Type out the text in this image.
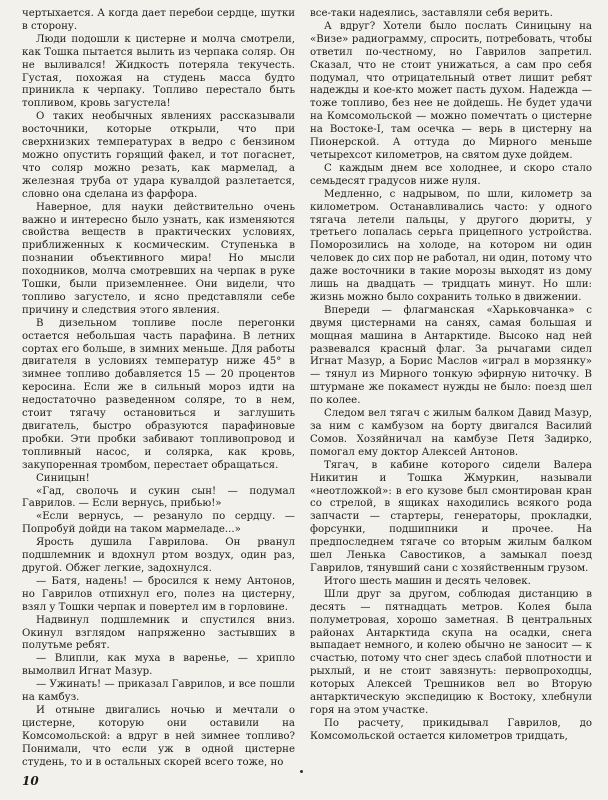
чертыхается. А когда дает перебои сердце, шутки в сторону.

Люди подошли к цистерне и молча смотрели, как Тошка пытается вылить из черпака соляр. Он не выливался! Жидкость потеряла текучесть. Густая, похожая на студень масса будто приникла к черпаку. Топливо перестало быть топливом, кровь загустела!

О таких необычных явлениях рассказывали восточники, которые открыли, что при сверхнизких температурах в ведро с бензином можно опустить горящий факел, и тот погаснет, что соляр можно резать, как мармелад, а железная труба от удара кувалдой разлетается, словно она сделана из фарфора.

Наверное, для науки действительно очень важно и интересно было узнать, как изменяются свойства веществ в практических условиях, приближенных к космическим. Ступенька в познании объективного мира! Но мысли походников, молча смотревших на черпак в руке Тошки, были приземленнее. Они видели, что топливо загустело, и ясно представляли себе причину и следствия этого явления.

В дизельном топливе после перегонки остается небольшая часть парафина. В летних сортах его больше, в зимних меньше. Для работы двигателя в условиях температур ниже 45° в зимнее топливо добавляется 15 — 20 процентов керосина. Если же в сильный мороз идти на недостаточно разведенном соляре, то в нем, стоит тягачу остановиться и заглушить двигатель, быстро образуются парафиновые пробки. Эти пробки забивают топливопровод и топливный насос, и солярка, как кровь, закупоренная тромбом, перестает обращаться.

Синицын!

«Гад, сволочь и сукин сын! — подумал Гаврилов. — Если вернусь, прибью!»

«Если вернусь, — резануло по сердцу. — Попробуй дойди на таком мармеладе...»

Ярость душила Гаврилова. Он рванул подшлемник и вдохнул ртом воздух, один раз, другой. Обжег легкие, задохнулся.

— Батя, надень! — бросился к нему Антонов, но Гаврилов отпихнул его, полез на цистерну, взял у Тошки черпак и повертел им в горловине.

Надвинул подшлемник и спустился вниз. Окинул взглядом напряженно застывших в полутьме ребят.

— Влипли, как муха в варенье, — хрипло вымолвил Игнат Мазур.

— Ужинать! — приказал Гаврилов, и все пошли на камбуз.

И отныне двигались ночью и мечтали о цистерне, которую они оставили на Комсомольской: а вдруг в ней зимнее топливо? Понимали, что если уж в одной цистерне студень, то и в остальных скорей всего тоже, но

все-таки надеялись, заставляли себя верить.

А вдруг? Хотели было послать Синицыну на «Визе» радиограмму, спросить, потребовать, чтобы ответил по-честному, но Гаврилов запретил. Сказал, что не стоит унижаться, а сам про себя подумал, что отрицательный ответ лишит ребят надежды и кое-кто может пасть духом. Надежда — тоже топливо, без нее не дойдешь. Не будет удачи на Комсомольской — можно помечтать о цистерне на Востоке-I, там осечка — верь в цистерну на Пионерской. А оттуда до Мирного меньше четырехсот километров, на святом духе дойдем.

С каждым днем все холоднее, и скоро стало семьдесят градусов ниже нуля.

Медленно, с надрывом, по шли, километр за километром. Останавливались часто: у одного тягача летели пальцы, у другого дюриты, у третьего лопалась серьга прицепного устройства. Поморозились на холоде, на котором ни один человек до сих пор не работал, ни один, потому что даже восточники в такие морозы выходят из дому лишь на двадцать — тридцать минут. Но шли: жизнь можно было сохранить только в движении.

Впереди — флагманская «Харьковчанка» с двумя цистернами на санях, самая большая и мощная машина в Антарктиде. Высоко над ней развевался красный флаг. За рычагами сидел Игнат Мазур, а Борис Маслов «играл в морзянку» — тянул из Мирного тонкую эфирную ниточку. В штурмане же покамест нужды не было: поезд шел по колее.

Следом вел тягач с жилым балком Давид Мазур, за ним с камбузом на борту двигался Василий Сомов. Хозяйничал на камбузе Петя Задирко, помогал ему доктор Алексей Антонов.

Тягач, в кабине которого сидели Валера Никитин и Тошка Жмуркин, называли «неотложкой»: в его кузове был смонтирован кран со стрелой, в ящиках находились всякого рода запчасти — стартеры, генераторы, прокладки, форсунки, подшипники и прочее. На предпоследнем тягаче со вторым жилым балком шел Ленька Савостиков, а замыкал поезд Гаврилов, тянувший сани с хозяйственным грузом.

Итого шесть машин и десять человек.

Шли друг за другом, соблюдая дистанцию в десять — пятнадцать метров. Колея была полуметровая, хорошо заметная. В центральных районах Антарктида скупа на осадки, снега выпадает немного, и колею обычно не заносит — к счастью, потому что снег здесь слабой плотности и рыхлый, и не стоит завязнуть: первопроходцы, которых Алексей Трешников вел во Вторую антарктическую экспедицию к Востоку, хлебнули горя на этом участке.

По расчету, прикидывал Гаврилов, до Комсомольской остается километров тридцать,

10
